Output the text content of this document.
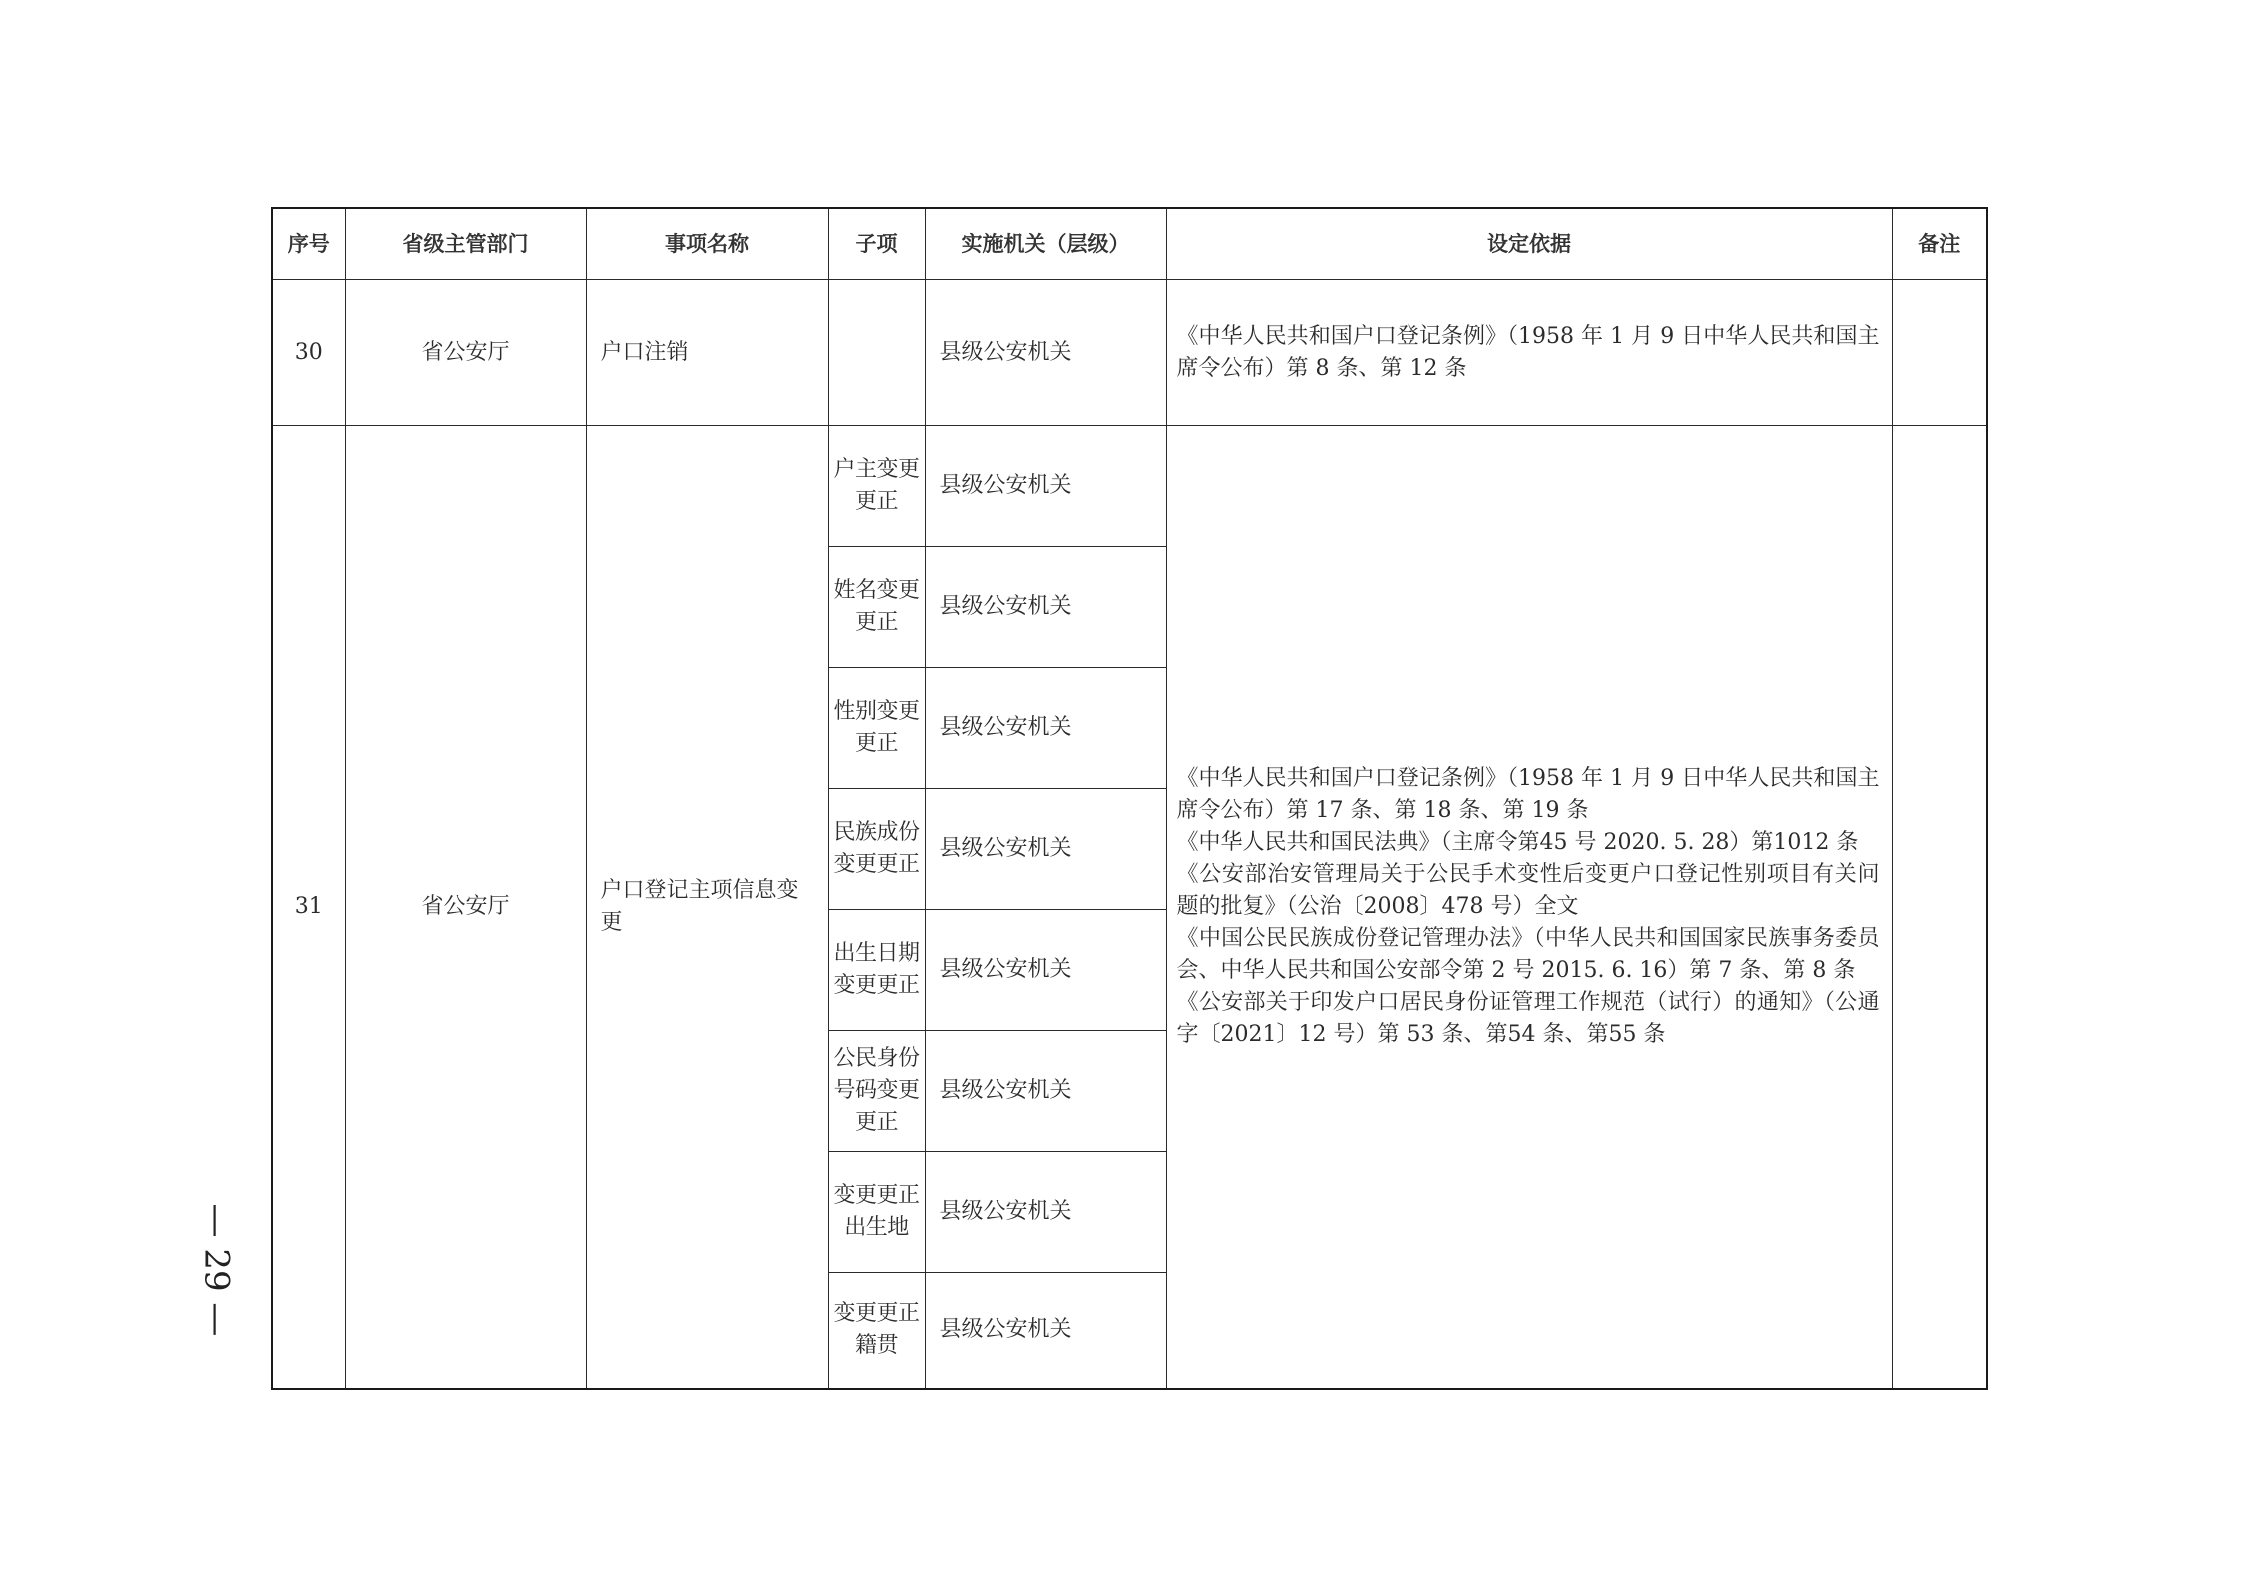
序号	省级主管部门	事项名称	子项	实施机关（层级）	设定依据	备注
30	省公安厅	户口注销		县级公安机关	《中华人民共和国户口登记条例》（1958 年 1 月 9 日中华人民共和国主席令公布）第 8 条、第 12 条	
31	省公安厅	户口登记主项信息变更	户主变更更正	县级公安机关	《中华人民共和国户口登记条例》（1958 年 1 月 9 日中华人民共和国主席令公布）第 17 条、第 18 条、第 19 条
《中华人民共和国民法典》（主席令第45 号 2020. 5. 28）第1012 条
《公安部治安管理局关于公民手术变性后变更户口登记性别项目有关问题的批复》（公治〔2008〕478 号）全文
《中国公民民族成份登记管理办法》（中华人民共和国国家民族事务委员会、中华人民共和国公安部令第 2 号 2015. 6. 16）第 7 条、第 8 条
《公安部关于印发户口居民身份证管理工作规范（试行）的通知》（公通字〔2021〕12 号）第 53 条、第54 条、第55 条	

			姓名变更更正	县级公安机关		
			性别变更更正	县级公安机关		
			民族成份变更更正	县级公安机关		
			出生日期变更更正	县级公安机关		
			公民身份号码变更更正	县级公安机关		
			变更更正出生地	县级公安机关		
			变更更正籍贯	县级公安机关		
— 29 —
